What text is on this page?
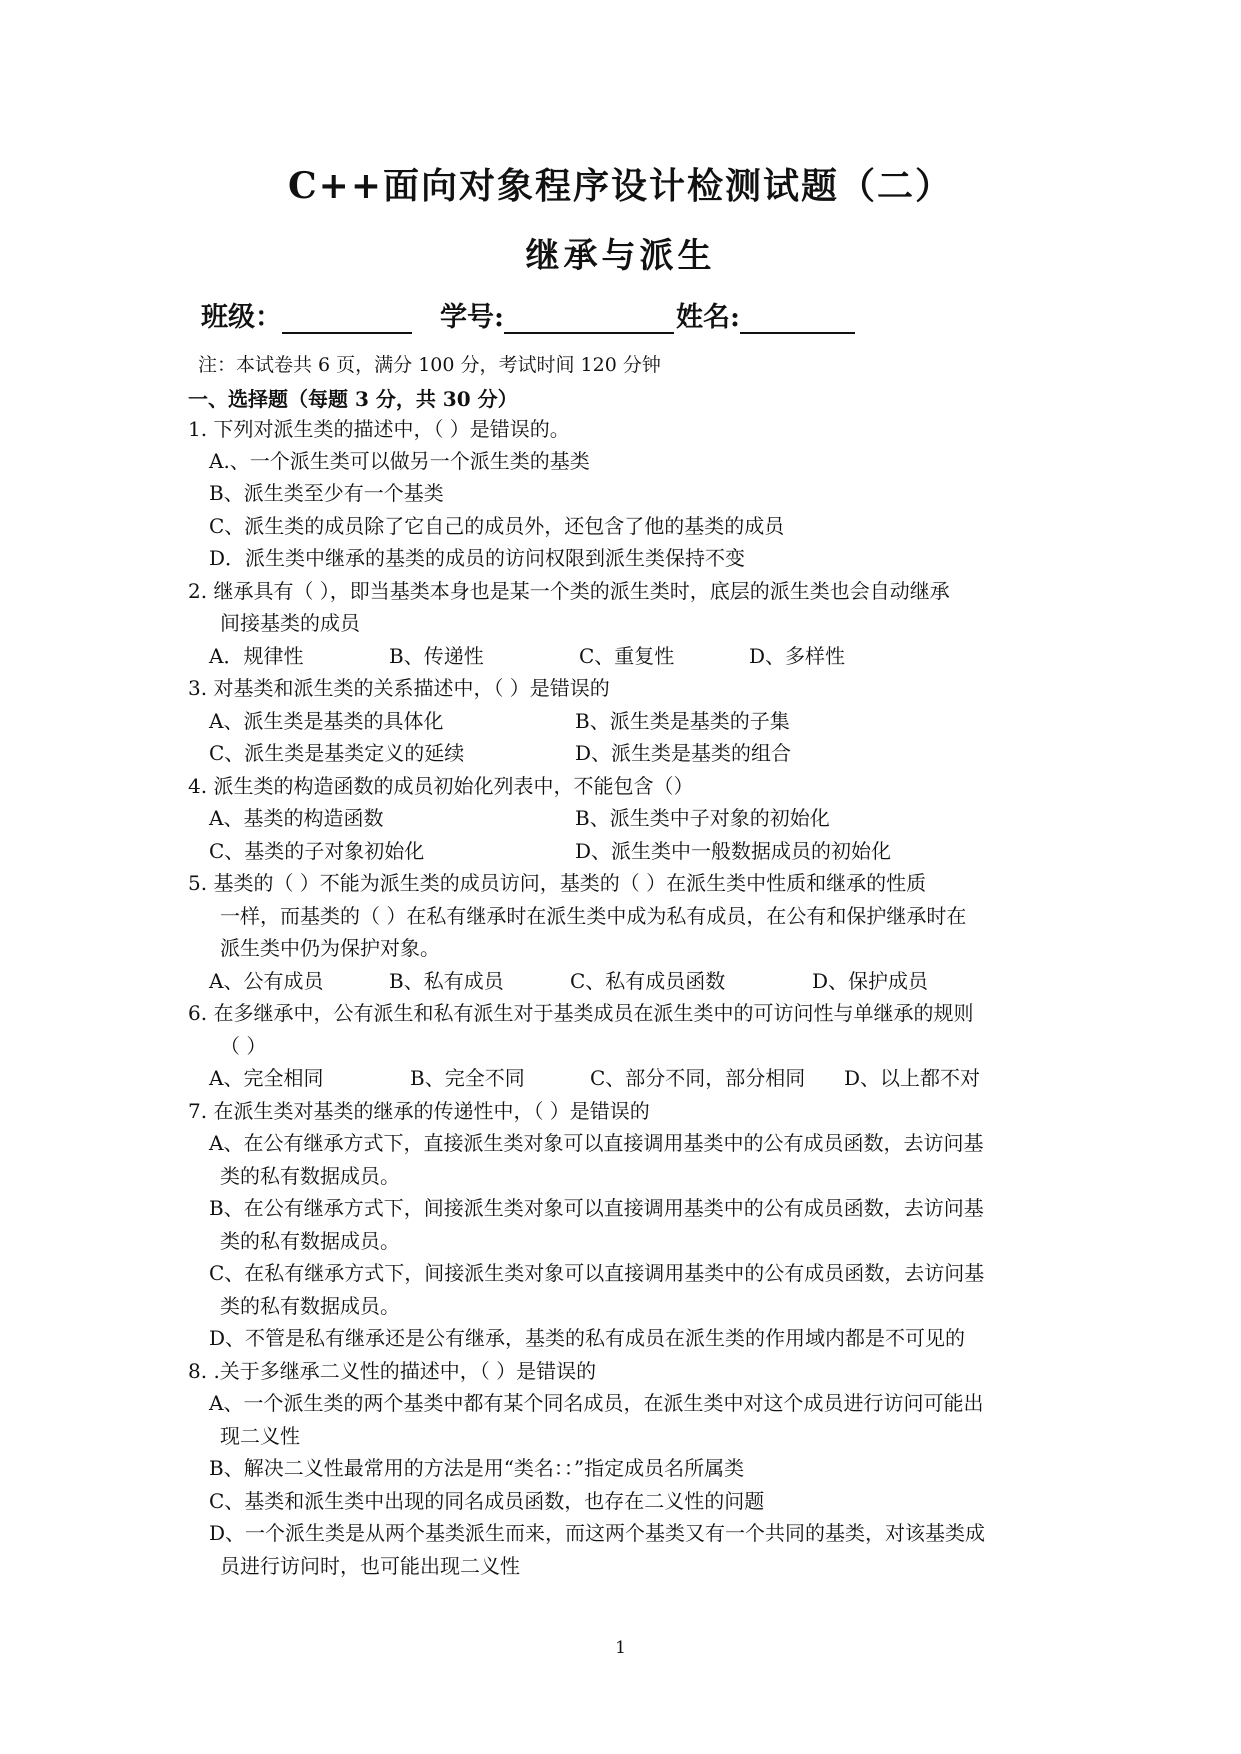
C++面向对象程序设计检测试题（二）
继承与派生
班级：	学号:	姓名:
注：本试卷共 6 页，满分 100 分，考试时间 120 分钟
一、选择题（每题 3 分，共 30 分）
1. 下列对派生类的描述中，（ ）是错误的。
A.、一个派生类可以做另一个派生类的基类
B、派生类至少有一个基类
C、派生类的成员除了它自己的成员外，还包含了他的基类的成员
D．派生类中继承的基类的成员的访问权限到派生类保持不变
2. 继承具有（ ），即当基类本身也是某一个类的派生类时，底层的派生类也会自动继承
间接基类的成员
A．规律性	B、传递性	C、重复性	D、多样性
3. 对基类和派生类的关系描述中，（ ）是错误的
A、派生类是基类的具体化	B、派生类是基类的子集
C、派生类是基类定义的延续	D、派生类是基类的组合
4. 派生类的构造函数的成员初始化列表中，不能包含（）
A、基类的构造函数	B、派生类中子对象的初始化
C、基类的子对象初始化	D、派生类中一般数据成员的初始化
5. 基类的（ ）不能为派生类的成员访问，基类的（ ）在派生类中性质和继承的性质
一样，而基类的（ ）在私有继承时在派生类中成为私有成员，在公有和保护继承时在
派生类中仍为保护对象。
A、公有成员	B、私有成员	C、私有成员函数	D、保护成员
6. 在多继承中，公有派生和私有派生对于基类成员在派生类中的可访问性与单继承的规则
（ ）
A、完全相同	B、完全不同	C、部分不同，部分相同 D、以上都不对
7. 在派生类对基类的继承的传递性中，（ ）是错误的
A、在公有继承方式下，直接派生类对象可以直接调用基类中的公有成员函数，去访问基
类的私有数据成员。
B、在公有继承方式下，间接派生类对象可以直接调用基类中的公有成员函数，去访问基
类的私有数据成员。
C、在私有继承方式下，间接派生类对象可以直接调用基类中的公有成员函数，去访问基
类的私有数据成员。
D、不管是私有继承还是公有继承，基类的私有成员在派生类的作用域内都是不可见的
8. .关于多继承二义性的描述中，（ ）是错误的
A、一个派生类的两个基类中都有某个同名成员，在派生类中对这个成员进行访问可能出
现二义性
B、解决二义性最常用的方法是用“类名：：”指定成员名所属类
C、基类和派生类中出现的同名成员函数，也存在二义性的问题
D、一个派生类是从两个基类派生而来，而这两个基类又有一个共同的基类，对该基类成
员进行访问时，也可能出现二义性
1
